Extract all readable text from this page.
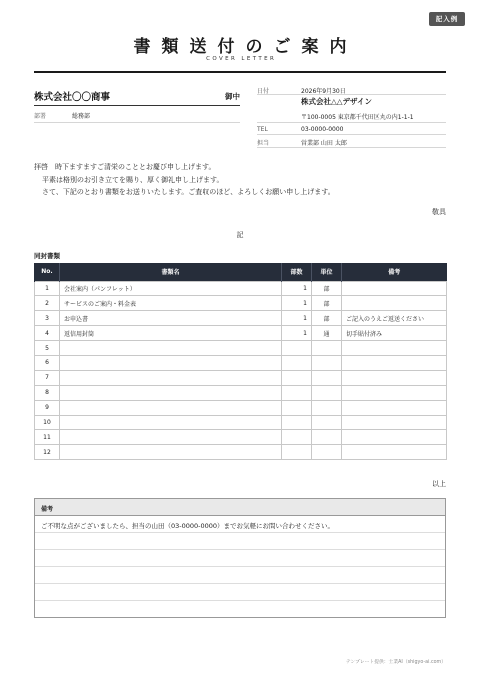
記入例
書類送付のご案内
COVER LETTER
株式会社〇〇商事	御中
部署	総務部
日付	2026年9月30日
株式会社△△デザイン
〒100-0005 東京都千代田区丸の内1-1-1
TEL	03-0000-0000
担当	営業部 山田 太郎
拝啓　時下ますますご清栄のこととお慶び申し上げます。
平素は格別のお引き立てを賜り、厚く御礼申し上げます。
さて、下記のとおり書類をお送りいたします。ご査収のほど、よろしくお願い申し上げます。
敬具
記
同封書類
No.	書類名	部数	単位	備考
1	会社案内（パンフレット）	1	部	
2	サービスのご案内・料金表	1	部	
3	お申込書	1	部	ご記入のうえご返送ください
4	返信用封筒	1	通	切手貼付済み
5				
6				
7				
8				
9				
10				
11				
12				
以上
備考
ご不明な点がございましたら、担当の山田（03-0000-0000）までお気軽にお問い合わせください。
テンプレート提供：士業AI（shigyo-ai.com）
